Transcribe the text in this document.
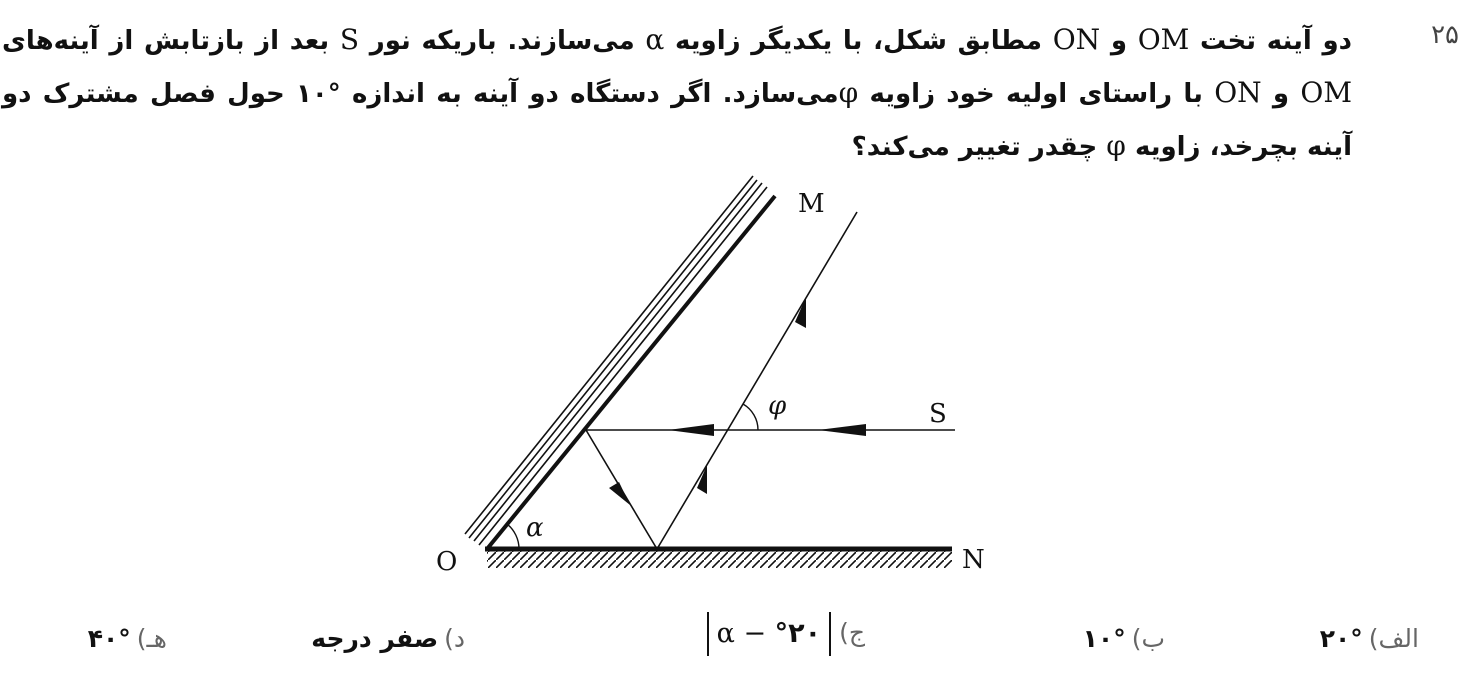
۲۵
دو آینه تخت OM و ON مطابق شکل، با یکدیگر زاویه α می‌سازند. باریکه نور S بعد از بازتابش از آینه‌های OM و ON با راستای اولیه خود زاویه φمی‌سازد. اگر دستگاه دو آینه به اندازه °۱۰ حول فصل مشترک دو آینه بچرخد، زاویه φ چقدر تغییر می‌کند؟
O
M
N
S
α
φ
الف)°۲۰
ب)°۱۰
ج) α − °۲۰
د)صفر درجه
هـ)°۴۰
